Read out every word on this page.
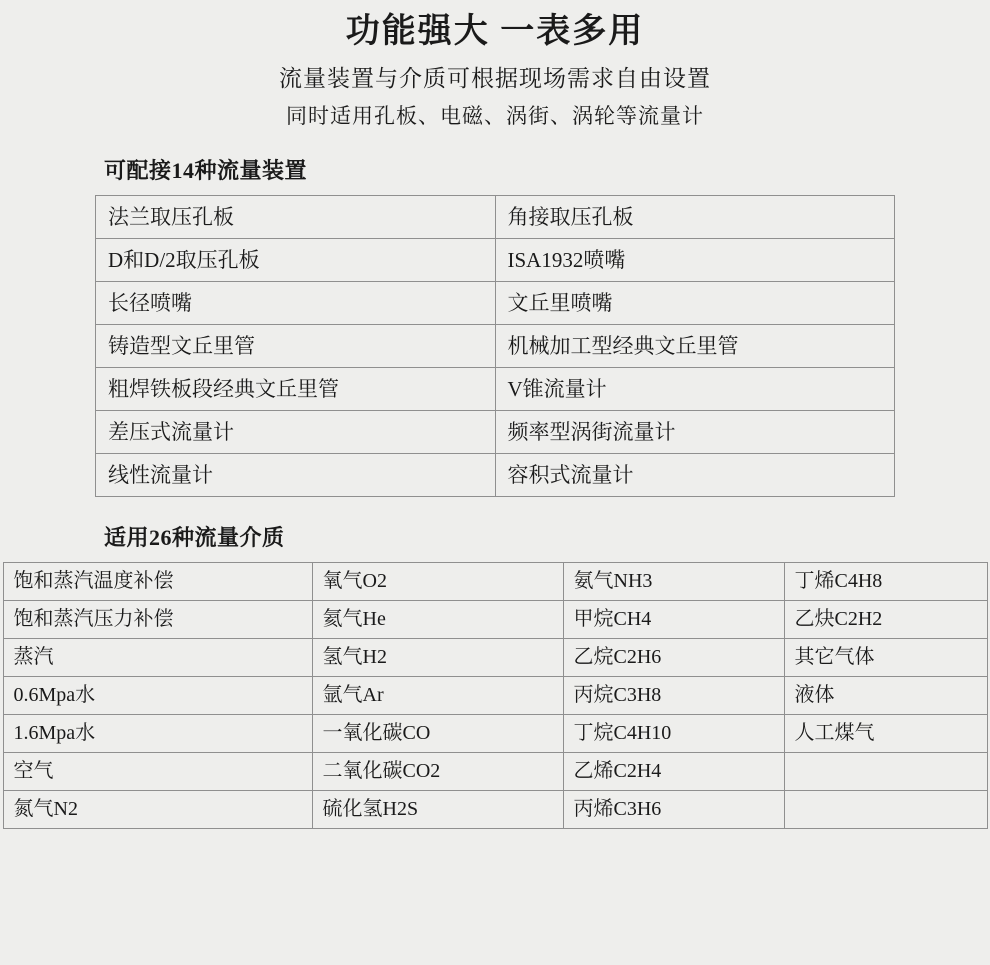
功能强大 一表多用

流量装置与介质可根据现场需求自由设置

同时适用孔板、电磁、涡街、涡轮等流量计

可配接14种流量装置
法兰取压孔板	角接取压孔板
D和D/2取压孔板	ISA1932喷嘴
长径喷嘴	文丘里喷嘴
铸造型文丘里管	机械加工型经典文丘里管
粗焊铁板段经典文丘里管	V锥流量计
差压式流量计	频率型涡街流量计
线性流量计	容积式流量计
适用26种流量介质
饱和蒸汽温度补偿	氧气O2	氨气NH3	丁烯C4H8
饱和蒸汽压力补偿	氦气He	甲烷CH4	乙炔C2H2
蒸汽	氢气H2	乙烷C2H6	其它气体
0.6Mpa水	氩气Ar	丙烷C3H8	液体
1.6Mpa水	一氧化碳CO	丁烷C4H10	人工煤气
空气	二氧化碳CO2	乙烯C2H4	
氮气N2	硫化氢H2S	丙烯C3H6	
